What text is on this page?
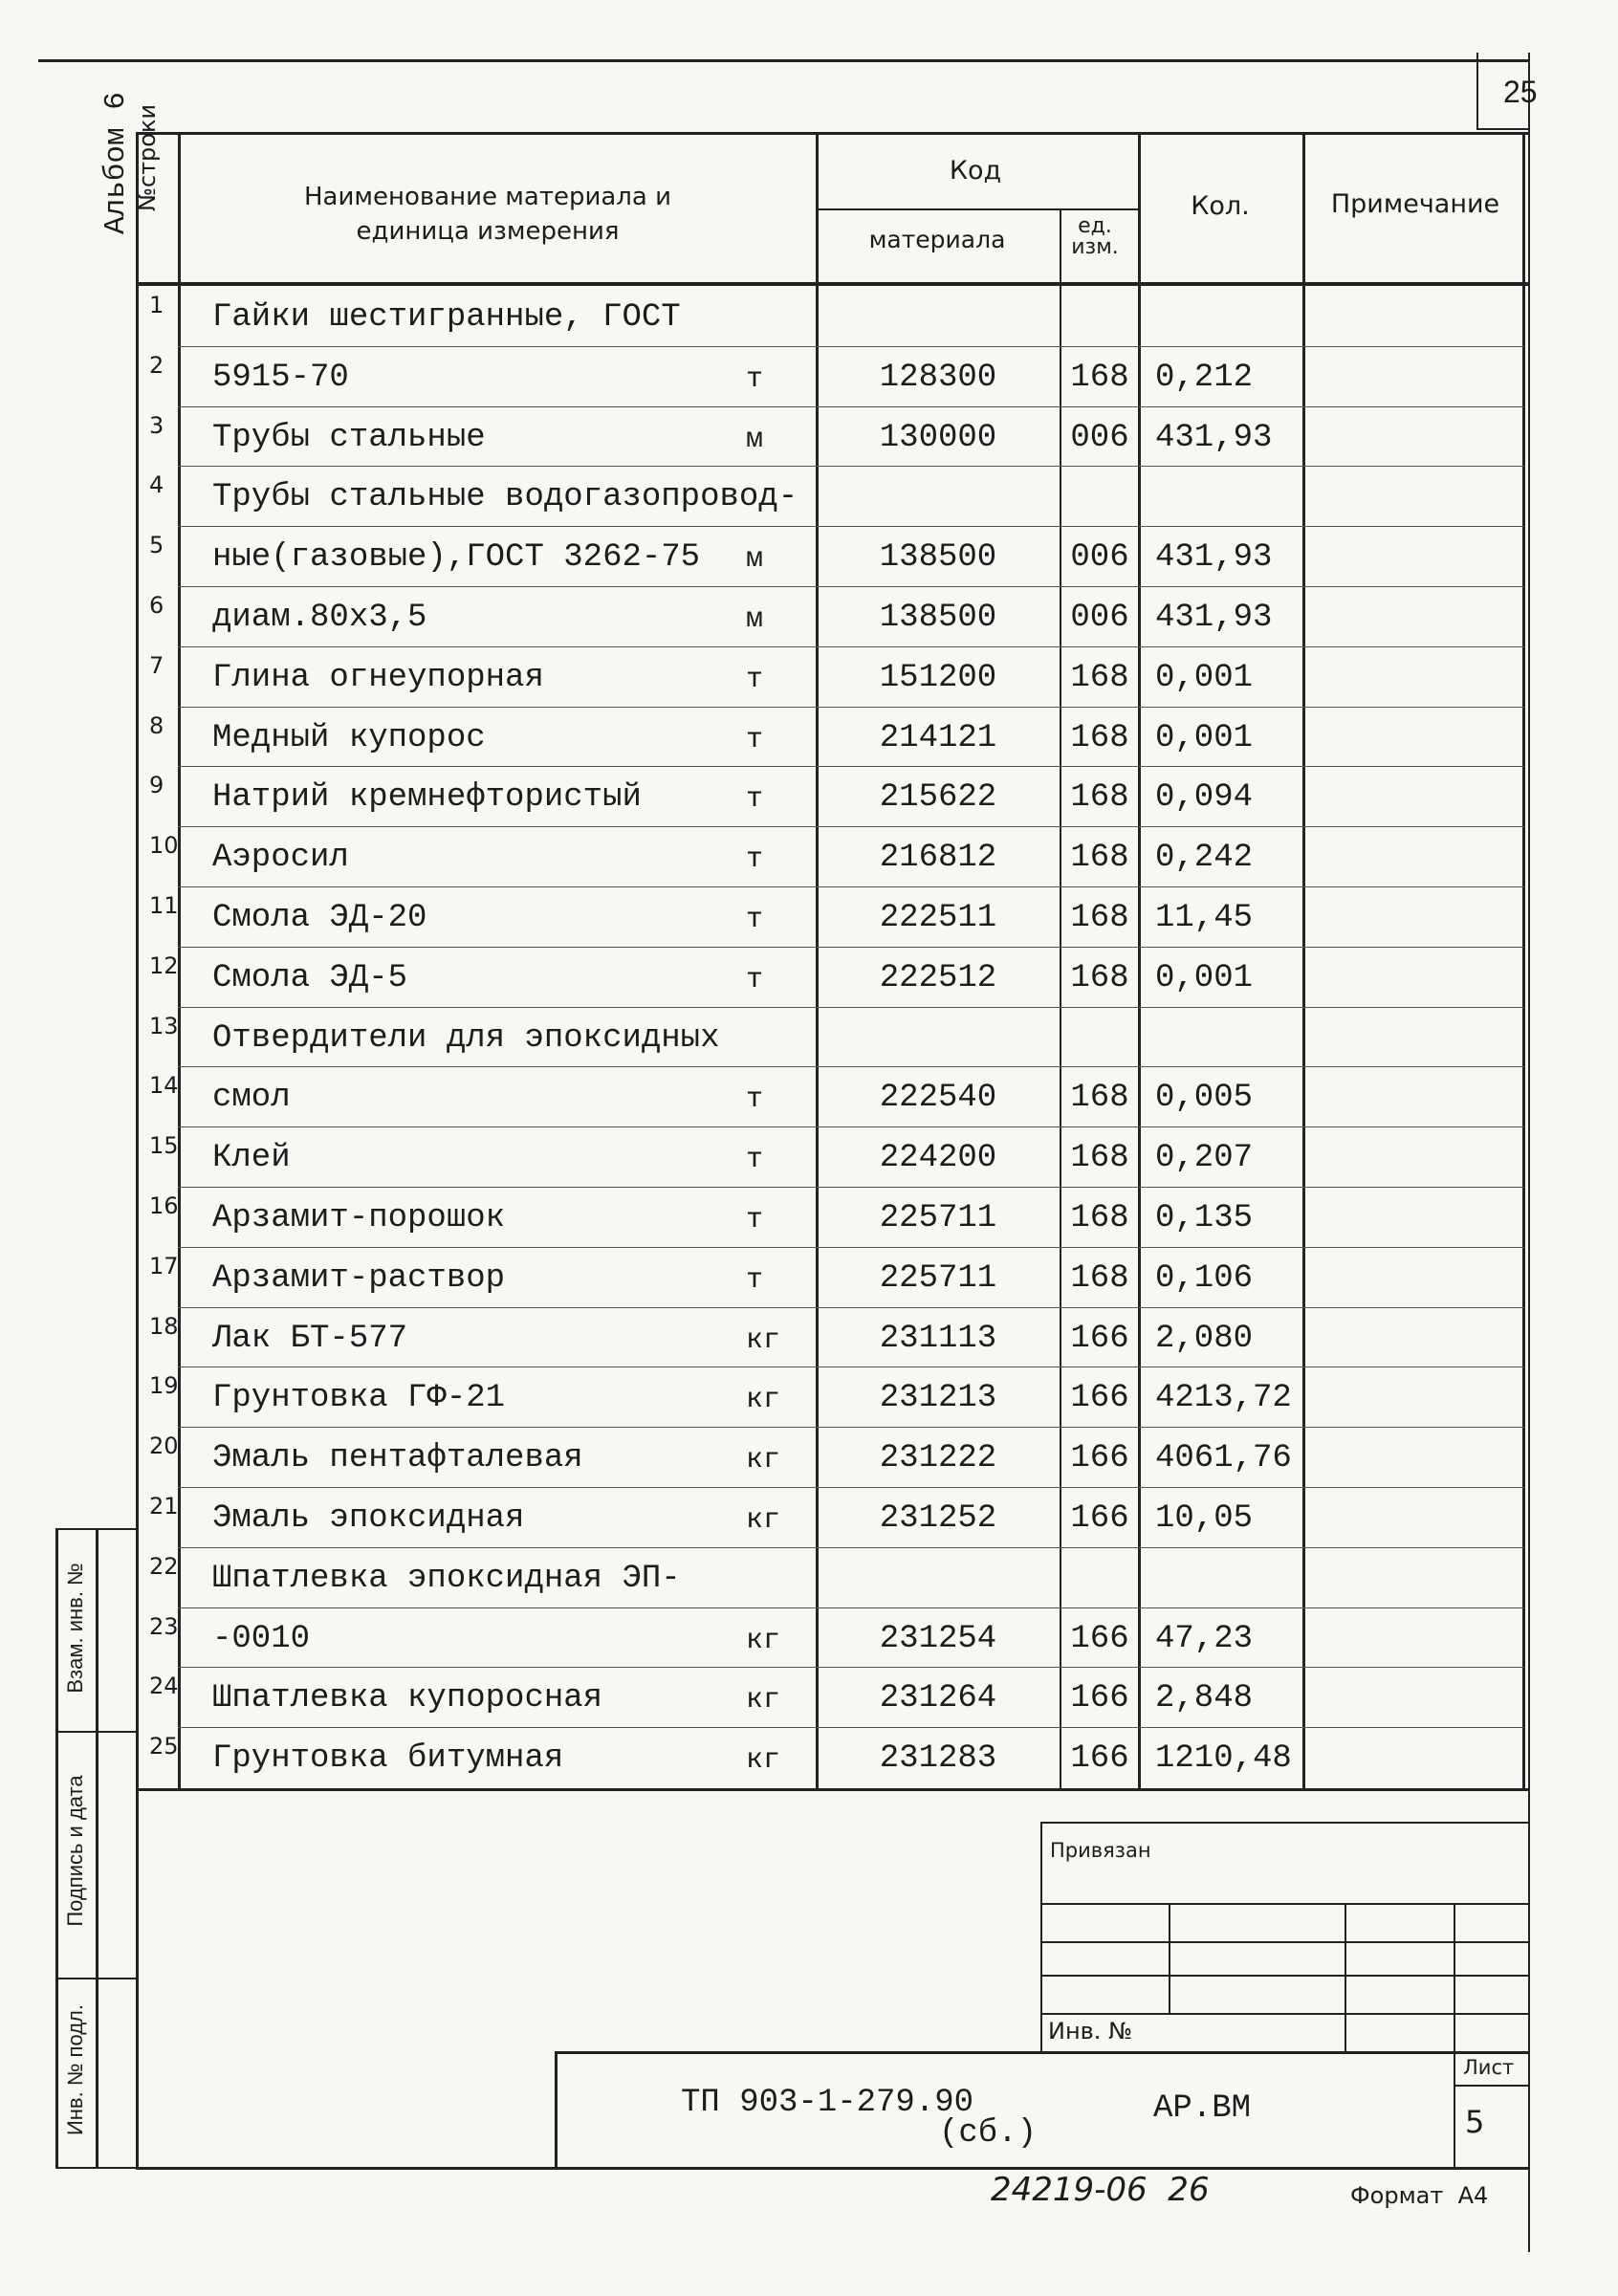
25
Альбом 6 №строки	Наименование материала и
единица измерения
Код
материала	ед.
изм.
Кол.	Примечание
1	Гайки шестигранные, ГОСТ
2	5915-70	т	128300	168 0,212
3	Трубы стальные	м	130000	006 431,93
4	Трубы стальные водогазопровод-
5	ные(газовые),ГОСТ 3262-75 м	138500	006 431,93
6	диам.80х3,5	м	138500	006 431,93
7	Глина огнеупорная	т	151200	168 0,001
8	Медный купорос	т	214121	168 0,001
9	Натрий кремнефтористый	т	215622	168 0,094
10 Аэросил	т	216812	168 0,242
11 Смола ЭД-20	т	222511	168 11,45
12 Смола ЭД-5	т	222512	168 0,001
13 Отвердители для эпоксидных
14 смол	т	222540	168 0,005
15 Клей	т	224200	168 0,207
16 Арзамит-порошок	т	225711	168 0,135
17 Арзамит-раствор	т	225711	168 0,106
18 Лак БТ-577	кг	231113	166 2,080
19 Грунтовка ГФ-21	кг	231213	166 4213,72
20 Эмаль пентафталевая	кг	231222	166 4061,76
21 Эмаль эпоксидная	кг	231252	166 10,05
22 Шпатлевка эпоксидная ЭП-
23 -0010	кг	231254	166 47,23
24 Шпатлевка купоросная	кг	231264	166 2,848
25 Грунтовка битумная	кг	231283	166 1210,48
Взам. инв. №
Подпись и дата
Инв. № подл.
Привязан
Инв. №
ТП 903-1-279.90
(сб.)
АР.ВМ
Лист
5
24219-06  26	Формат  А4
